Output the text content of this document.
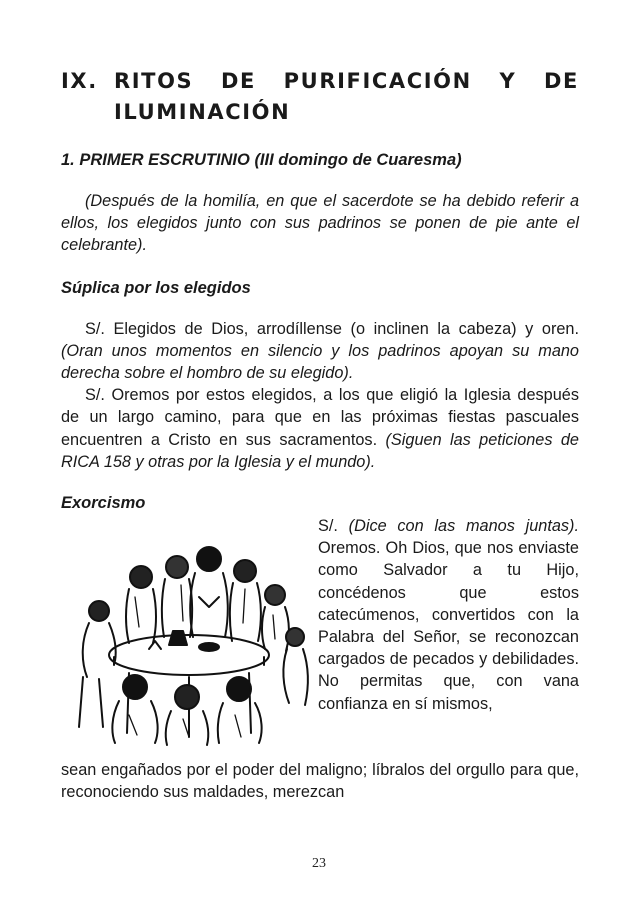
IX. RITOS DE PURIFICACIÓN Y DE ILUMINACIÓN
1. PRIMER ESCRUTINIO (III domingo de Cuaresma)

(Después de la homilía, en que el sacerdote se ha debido referir a ellos, los elegidos junto con sus padrinos se ponen de pie ante el celebrante).

Súplica por los elegidos

S/. Elegidos de Dios, arrodíllense (o inclinen la cabeza) y oren. (Oran unos momentos en silencio y los padrinos apoyan su mano derecha sobre el hombro de su elegido).

S/. Oremos por estos elegidos, a los que eligió la Iglesia después de un largo camino, para que en las próximas fiestas pascuales encuentren a Cristo en sus sacramentos. (Siguen las peticiones de RICA 158 y otras por la Iglesia y el mundo).

Exorcismo

S/. (Dice con las manos juntas). Oremos. Oh Dios, que nos enviaste como Salvador a tu Hijo, concédenos que estos catecúmenos, convertidos con la Palabra del Señor, se reconozcan cargados de pecados y debilidades. No permitas que, con vana confianza en sí mismos,

sean engañados por el poder del maligno; líbralos del orgullo para que, reconociendo sus maldades, merezcan

23
